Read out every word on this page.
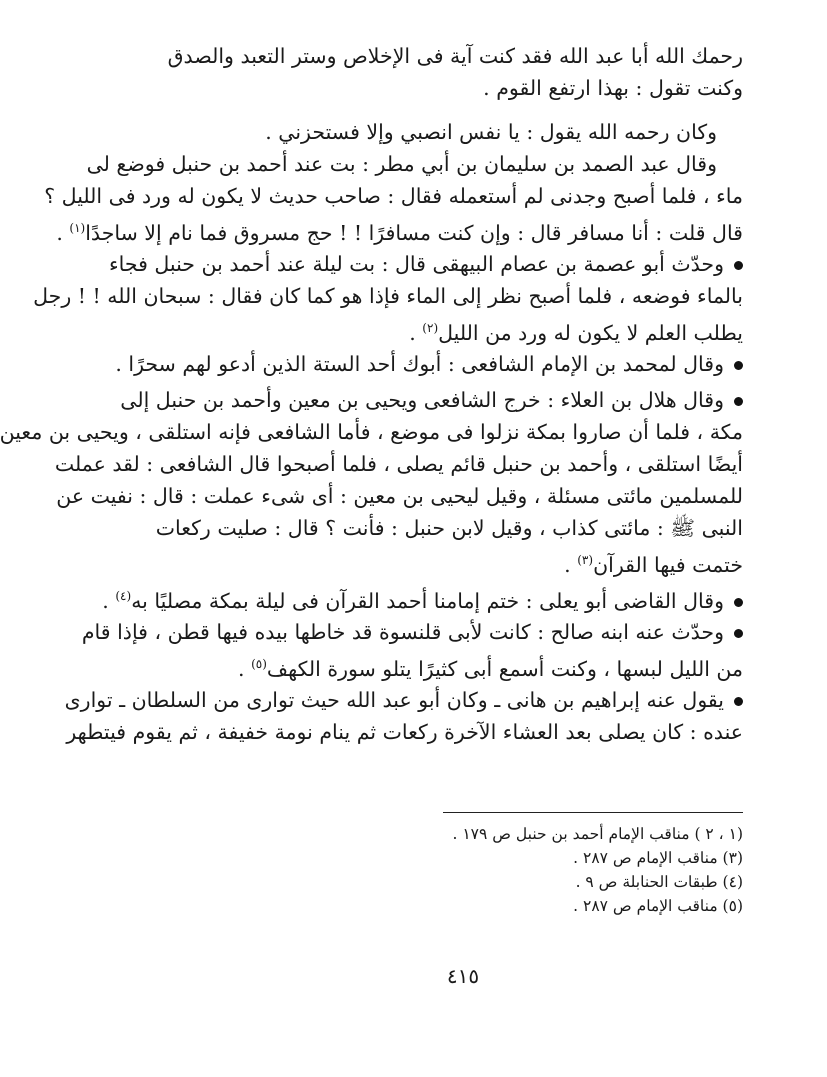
رحمك الله أبا عبد الله فقد كنت آية فى الإخلاص وستر التعبد والصدق
وكنت تقول : بهذا ارتفع القوم .
وكان رحمه الله يقول : يا نفس انصبي وإلا فستحزني .
وقال عبد الصمد بن سليمان بن أبي مطر : بت عند أحمد بن حنبل فوضع لى
ماء ، فلما أصبح وجدنى لم أستعمله فقال : صاحب حديث لا يكون له ورد فى الليل ؟
قال قلت : أنا مسافر قال : وإن كنت مسافرًا ! ! حج مسروق فما نام إلا ساجدًا$^{(١)}$ .
وحدّث أبو عصمة بن عصام البيهقى قال : بت ليلة عند أحمد بن حنبل فجاء
بالماء فوضعه ، فلما أصبح نظر إلى الماء فإذا هو كما كان فقال : سبحان الله ! ! رجل
يطلب العلم لا يكون له ورد من الليل$^{(٢)}$ .
وقال لمحمد بن الإمام الشافعى : أبوك أحد الستة الذين أدعو لهم سحرًا .
وقال هلال بن العلاء : خرج الشافعى ويحيى بن معين وأحمد بن حنبل إلى
مكة ، فلما أن صاروا بمكة نزلوا فى موضع ، فأما الشافعى فإنه استلقى ، ويحيى بن معين
أيضًا استلقى ، وأحمد بن حنبل قائم يصلى ، فلما أصبحوا قال الشافعى : لقد عملت
للمسلمين مائتى مسئلة ، وقيل ليحيى بن معين : أى شىء عملت : قال : نفيت عن
النبى ﷺ : مائتى كذاب ، وقيل لابن حنبل : فأنت ؟ قال : صليت ركعات
ختمت فيها القرآن$^{(٣)}$ .
وقال القاضى أبو يعلى : ختم إمامنا أحمد القرآن فى ليلة بمكة مصليًا به$^{(٤)}$ .
وحدّث عنه ابنه صالح : كانت لأبى قلنسوة قد خاطها بيده فيها قطن ، فإذا قام
من الليل لبسها ، وكنت أسمع أبى كثيرًا يتلو سورة الكهف$^{(٥)}$ .
يقول عنه إبراهيم بن هانى ـ وكان أبو عبد الله حيث توارى من السلطان ـ توارى
عنده : كان يصلى بعد العشاء الآخرة ركعات ثم ينام نومة خفيفة ، ثم يقوم فيتطهر
(١ ، ٢ ) مناقب الإمام أحمد بن حنبل ص ١٧٩ .
(٣) مناقب الإمام ص ٢٨٧ .
(٤) طبقات الحنابلة ص ٩ .
(٥) مناقب الإمام ص ٢٨٧ .
٤١٥
